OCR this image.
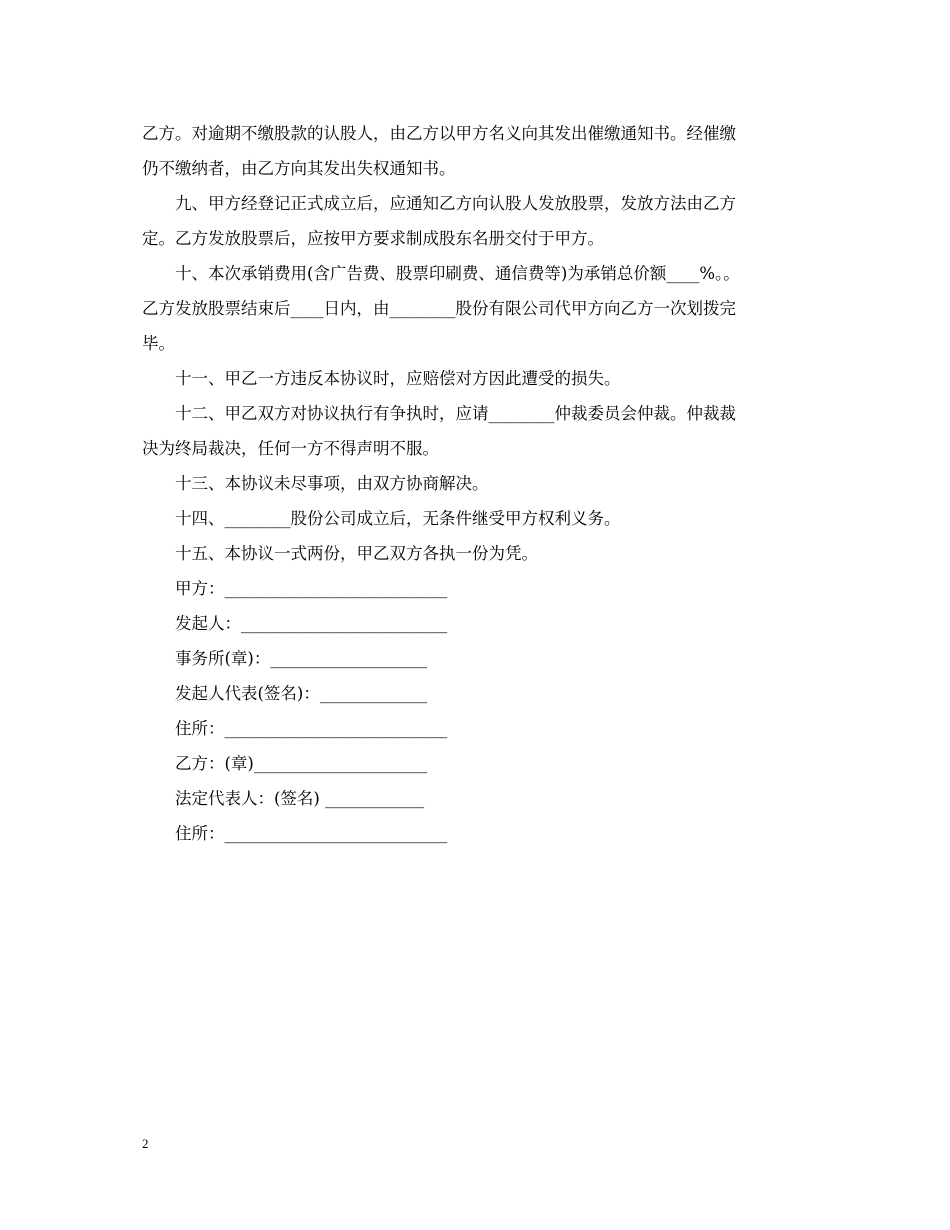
乙方。对逾期不缴股款的认股人，由乙方以甲方名义向其发出催缴通知书。经催缴

仍不缴纳者，由乙方向其发出失权通知书。

九、甲方经登记正式成立后，应通知乙方向认股人发放股票，发放方法由乙方

定。乙方发放股票后，应按甲方要求制成股东名册交付于甲方。

十、本次承销费用(含广告费、股票印刷费、通信费等)为承销总价额____%。。

乙方发放股票结束后____日内，由________股份有限公司代甲方向乙方一次划拨完

毕。

十一、甲乙一方违反本协议时，应赔偿对方因此遭受的损失。

十二、甲乙双方对协议执行有争执时，应请________仲裁委员会仲裁。仲裁裁

决为终局裁决，任何一方不得声明不服。

十三、本协议未尽事项，由双方协商解决。

十四、________股份公司成立后，无条件继受甲方权利义务。

十五、本协议一式两份，甲乙双方各执一份为凭。

甲方：___________________________

发起人：_________________________

事务所(章)：___________________

发起人代表(签名)：_____________

住所：___________________________

乙方：(章)_____________________

法定代表人：(签名) ____________

住所：___________________________

2
